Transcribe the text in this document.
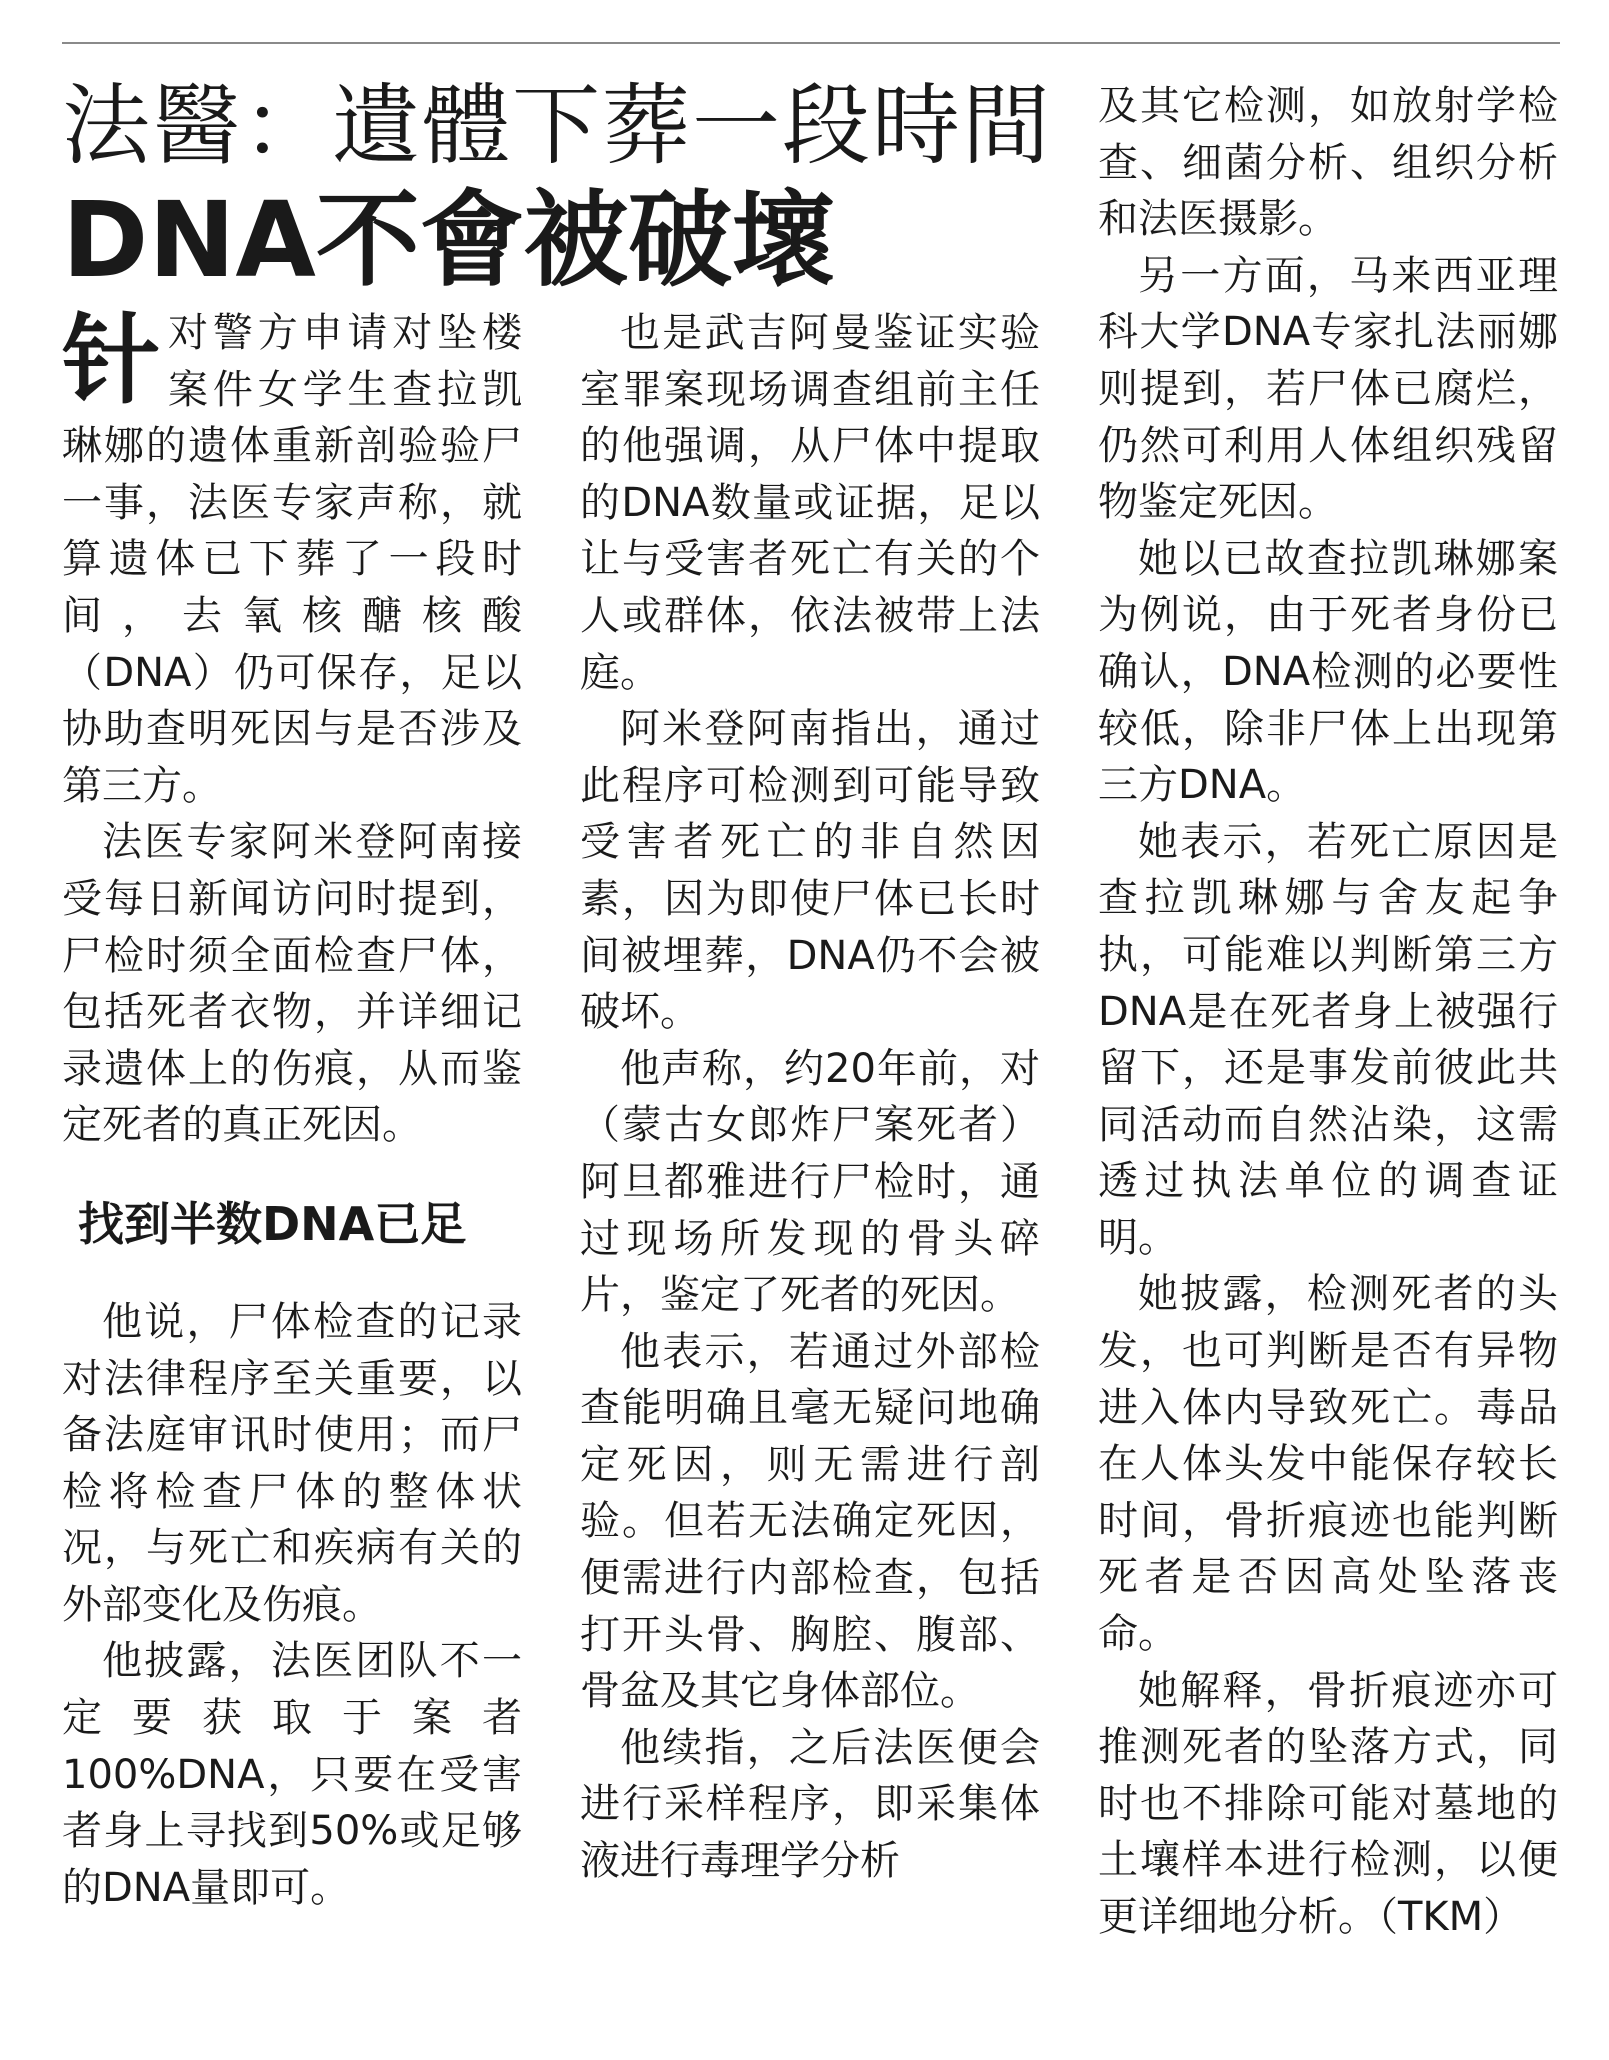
法醫：遺體下葬一段時間
DNA不會被破壞

针对警方申请对坠楼案件女学生查拉凯琳娜的遗体重新剖验验尸一事，法医专家声称，就算遗体已下葬了一段时间，去氧核醣核酸（DNA）仍可保存，足以协助查明死因与是否涉及第三方。

法医专家阿米登阿南接受每日新闻访问时提到，尸检时须全面检查尸体，包括死者衣物，并详细记录遗体上的伤痕，从而鉴定死者的真正死因。

找到半数DNA已足

他说，尸体检查的记录对法律程序至关重要，以备法庭审讯时使用；而尸检将检查尸体的整体状况，与死亡和疾病有关的外部变化及伤痕。

他披露，法医团队不一定要获取于案者100%DNA，只要在受害者身上寻找到50%或足够的DNA量即可。

也是武吉阿曼鉴证实验室罪案现场调查组前主任的他强调，从尸体中提取的DNA数量或证据，足以让与受害者死亡有关的个人或群体，依法被带上法庭。

阿米登阿南指出，通过此程序可检测到可能导致受害者死亡的非自然因素，因为即使尸体已长时间被埋葬，DNA仍不会被破坏。

他声称，约20年前，对（蒙古女郎炸尸案死者）阿旦都雅进行尸检时，通过现场所发现的骨头碎片，鉴定了死者的死因。

他表示，若通过外部检查能明确且毫无疑问地确定死因，则无需进行剖验。但若无法确定死因，便需进行内部检查，包括打开头骨、胸腔、腹部、骨盆及其它身体部位。

他续指，之后法医便会进行采样程序，即采集体液进行毒理学分析

及其它检测，如放射学检查、细菌分析、组织分析和法医摄影。

另一方面，马来西亚理科大学DNA专家扎法丽娜则提到，若尸体已腐烂，仍然可利用人体组织残留物鉴定死因。

她以已故查拉凯琳娜案为例说，由于死者身份已确认，DNA检测的必要性较低，除非尸体上出现第三方DNA。

她表示，若死亡原因是查拉凯琳娜与舍友起争执，可能难以判断第三方DNA是在死者身上被强行留下，还是事发前彼此共同活动而自然沾染，这需透过执法单位的调查证明。

她披露，检测死者的头发，也可判断是否有异物进入体内导致死亡。毒品在人体头发中能保存较长时间，骨折痕迹也能判断死者是否因高处坠落丧命。

她解释，骨折痕迹亦可推测死者的坠落方式，同时也不排除可能对墓地的土壤样本进行检测，以便更详细地分析。（TKM）
